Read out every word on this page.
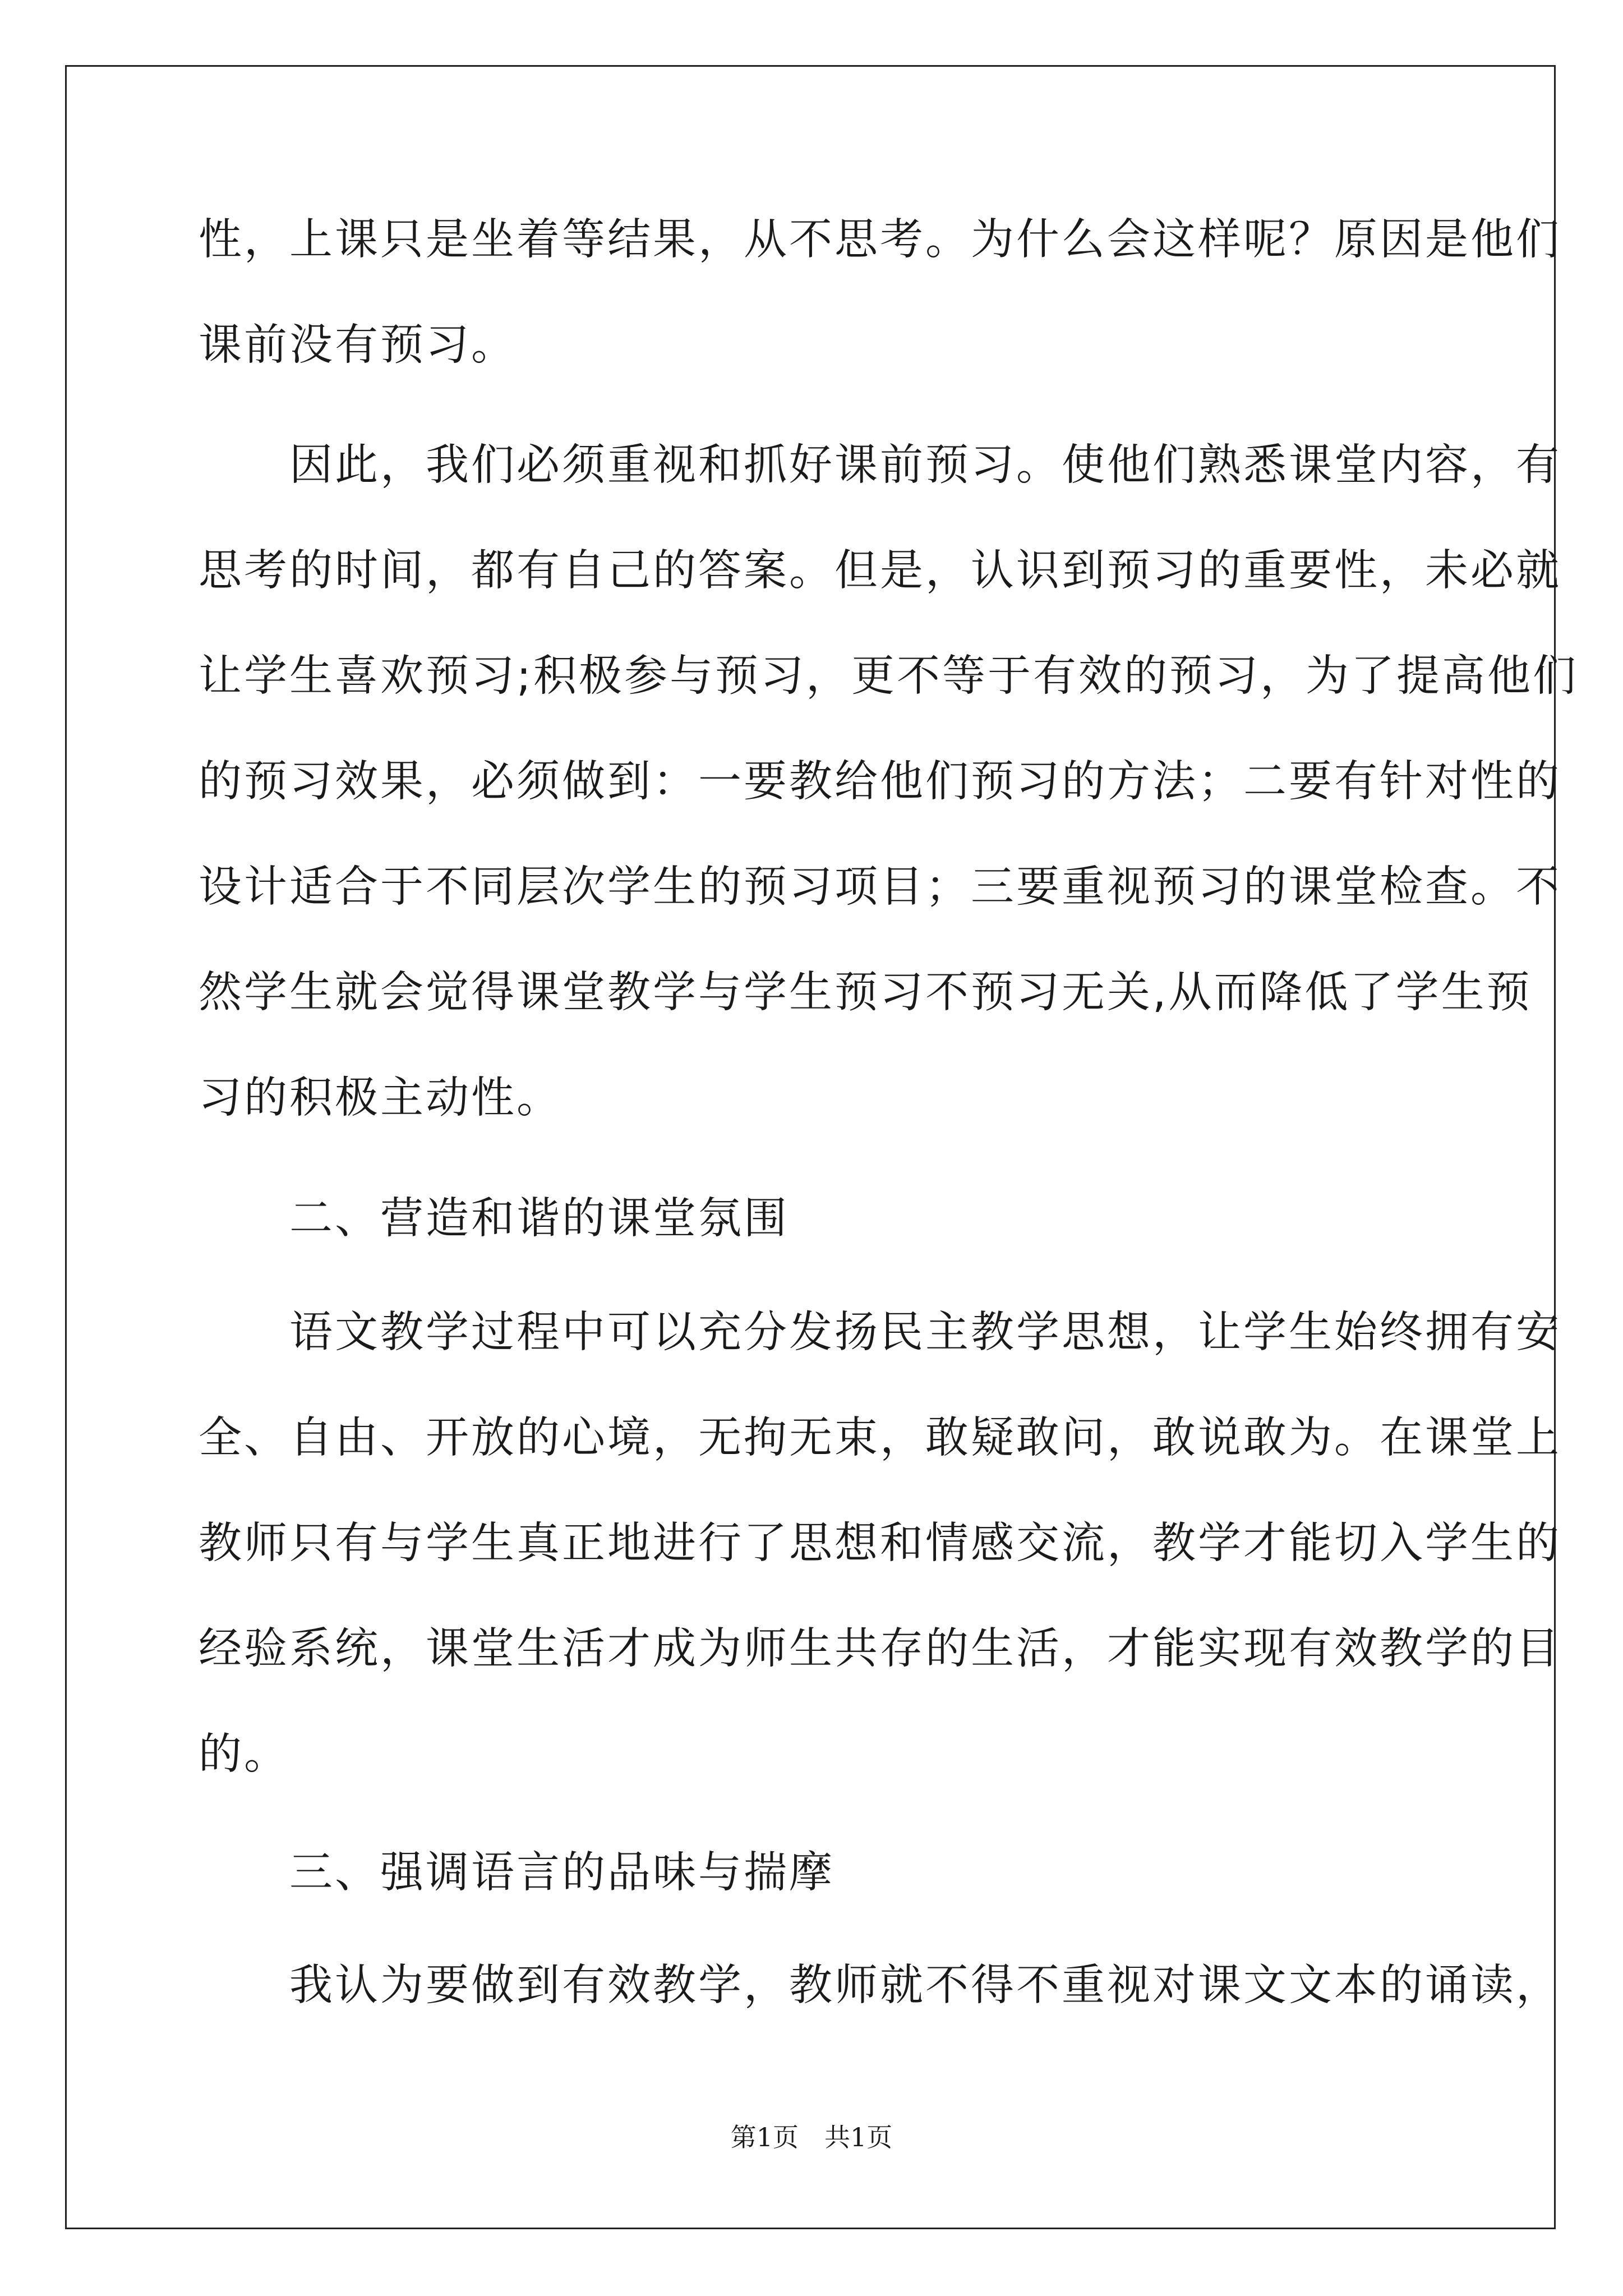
性，上课只是坐着等结果，从不思考。为什么会这样呢？原因是他们
课前没有预习。
　　因此，我们必须重视和抓好课前预习。使他们熟悉课堂内容，有
思考的时间，都有自己的答案。但是，认识到预习的重要性，未必就
让学生喜欢预习;积极参与预习，更不等于有效的预习，为了提高他们
的预习效果，必须做到：一要教给他们预习的方法；二要有针对性的
设计适合于不同层次学生的预习项目；三要重视预习的课堂检查。不
然学生就会觉得课堂教学与学生预习不预习无关,从而降低了学生预
习的积极主动性。
　　二、营造和谐的课堂氛围
　　语文教学过程中可以充分发扬民主教学思想，让学生始终拥有安
全、自由、开放的心境，无拘无束，敢疑敢问，敢说敢为。在课堂上
教师只有与学生真正地进行了思想和情感交流，教学才能切入学生的
经验系统，课堂生活才成为师生共存的生活，才能实现有效教学的目
的。
　　三、强调语言的品味与揣摩
　　我认为要做到有效教学，教师就不得不重视对课文文本的诵读，
第1页　共1页
